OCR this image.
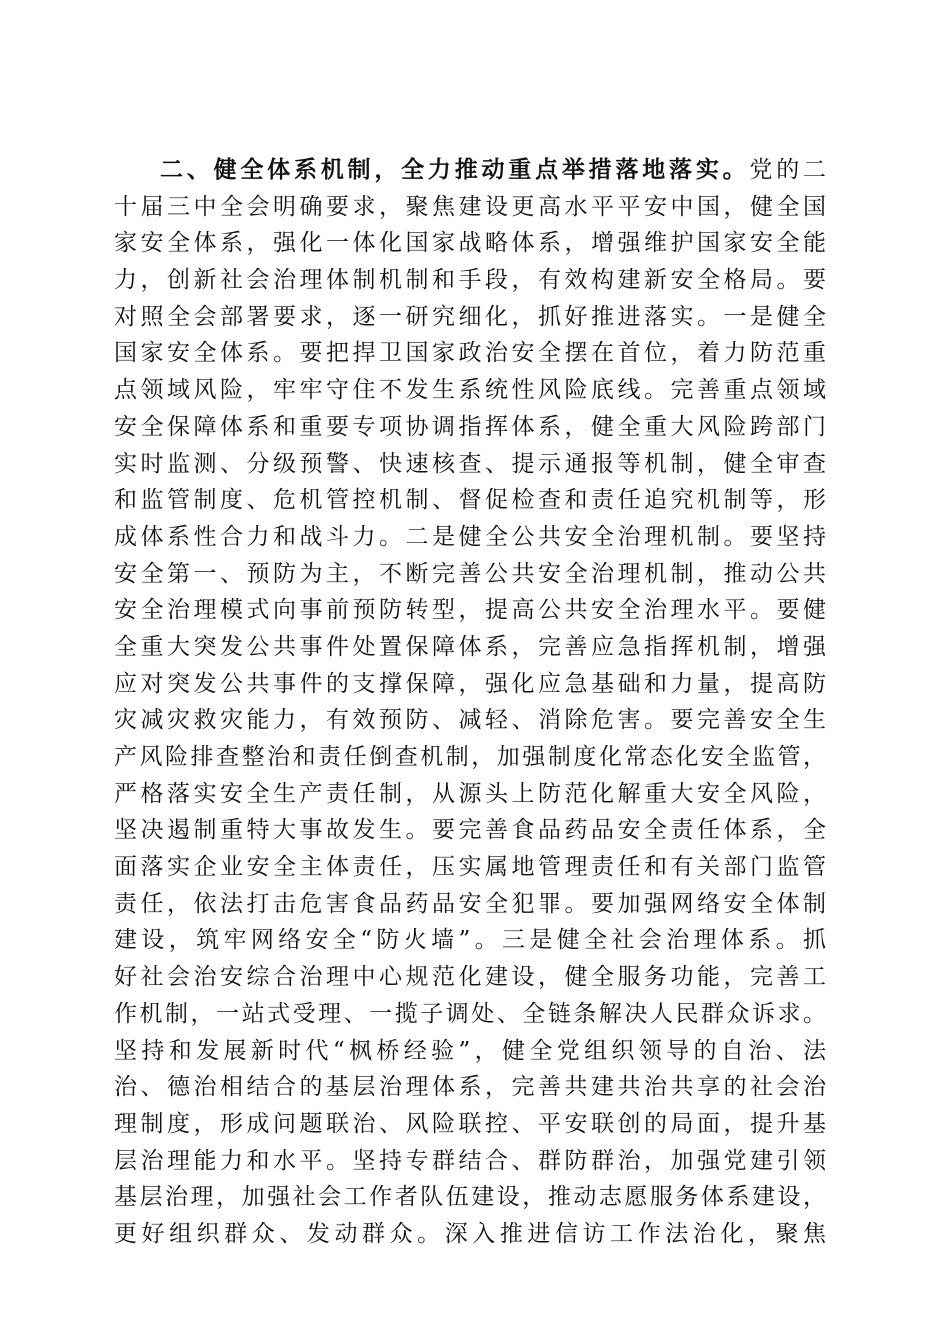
二、健全体系机制，全力推动重点举措落地落实。党的二
十届三中全会明确要求，聚焦建设更高水平平安中国，健全国
家安全体系，强化一体化国家战略体系，增强维护国家安全能
力，创新社会治理体制机制和手段，有效构建新安全格局。要
对照全会部署要求，逐一研究细化，抓好推进落实。一是健全
国家安全体系。要把捍卫国家政治安全摆在首位，着力防范重
点领域风险，牢牢守住不发生系统性风险底线。完善重点领域
安全保障体系和重要专项协调指挥体系，健全重大风险跨部门
实时监测、分级预警、快速核查、提示通报等机制，健全审查
和监管制度、危机管控机制、督促检查和责任追究机制等，形
成体系性合力和战斗力。二是健全公共安全治理机制。要坚持
安全第一、预防为主，不断完善公共安全治理机制，推动公共
安全治理模式向事前预防转型，提高公共安全治理水平。要健
全重大突发公共事件处置保障体系，完善应急指挥机制，增强
应对突发公共事件的支撑保障，强化应急基础和力量，提高防
灾减灾救灾能力，有效预防、减轻、消除危害。要完善安全生
产风险排查整治和责任倒查机制，加强制度化常态化安全监管，
严格落实安全生产责任制，从源头上防范化解重大安全风险，
坚决遏制重特大事故发生。要完善食品药品安全责任体系，全
面落实企业安全主体责任，压实属地管理责任和有关部门监管
责任，依法打击危害食品药品安全犯罪。要加强网络安全体制
建设，筑牢网络安全“防火墙”。三是健全社会治理体系。抓
好社会治安综合治理中心规范化建设，健全服务功能，完善工
作机制，一站式受理、一揽子调处、全链条解决人民群众诉求。
坚持和发展新时代“枫桥经验”，健全党组织领导的自治、法
治、德治相结合的基层治理体系，完善共建共治共享的社会治
理制度，形成问题联治、风险联控、平安联创的局面，提升基
层治理能力和水平。坚持专群结合、群防群治，加强党建引领
基层治理，加强社会工作者队伍建设，推动志愿服务体系建设，
更好组织群众、发动群众。深入推进信访工作法治化，聚焦
